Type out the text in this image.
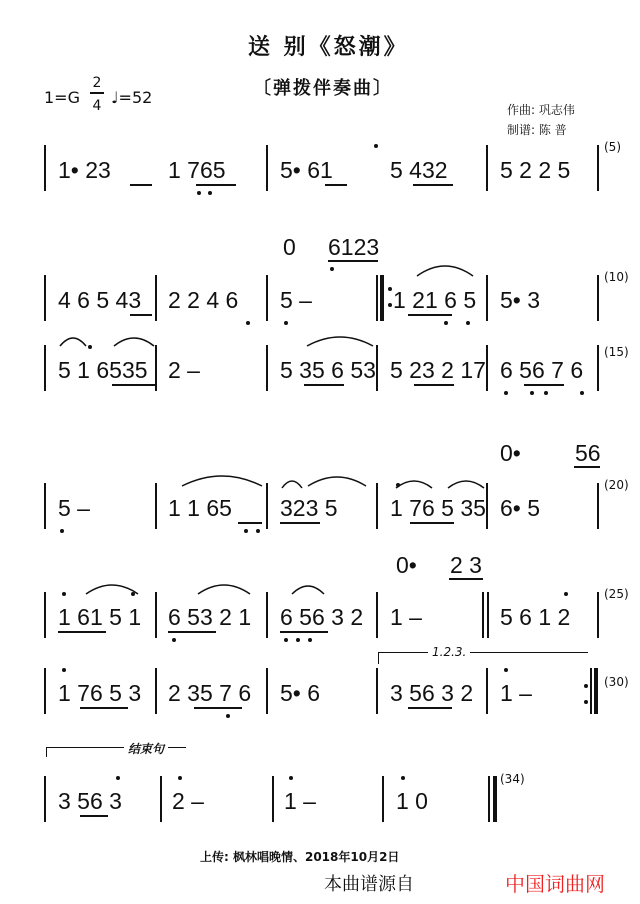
送 别《怒潮》
〔弹拨伴奏曲〕
1=G
2
4 ♩=52
作曲: 巩志伟
制谱: 陈 普
1• 23 1 765 5• 61 5 432 5 2 2 5
(5)
0 6123
4 6 5 43 2 2 4 6 5 –	1 21 6 5 5• 3
(10)
5 1 6535 2 –	5 35 6 53 5 23 2 17 6 56 7 6
(15)
0• 56
5 –	1 1 65 323 5 1 76 5 35 6• 5
(20)
0• 2 3
1 61 5 1 6 53 2 1 6 56 3 2 1 –	5 6 1 2
(25)
1.2.3.
1 76 5 3 2 35 7 6 5• 6	3 56 3 2 1 –	(30)
结束句
3 56 3 2 –	1 –	1 0
(34)
上传: 枫林唱晚情、2018年10月2日
本曲谱源自	中国词曲网
